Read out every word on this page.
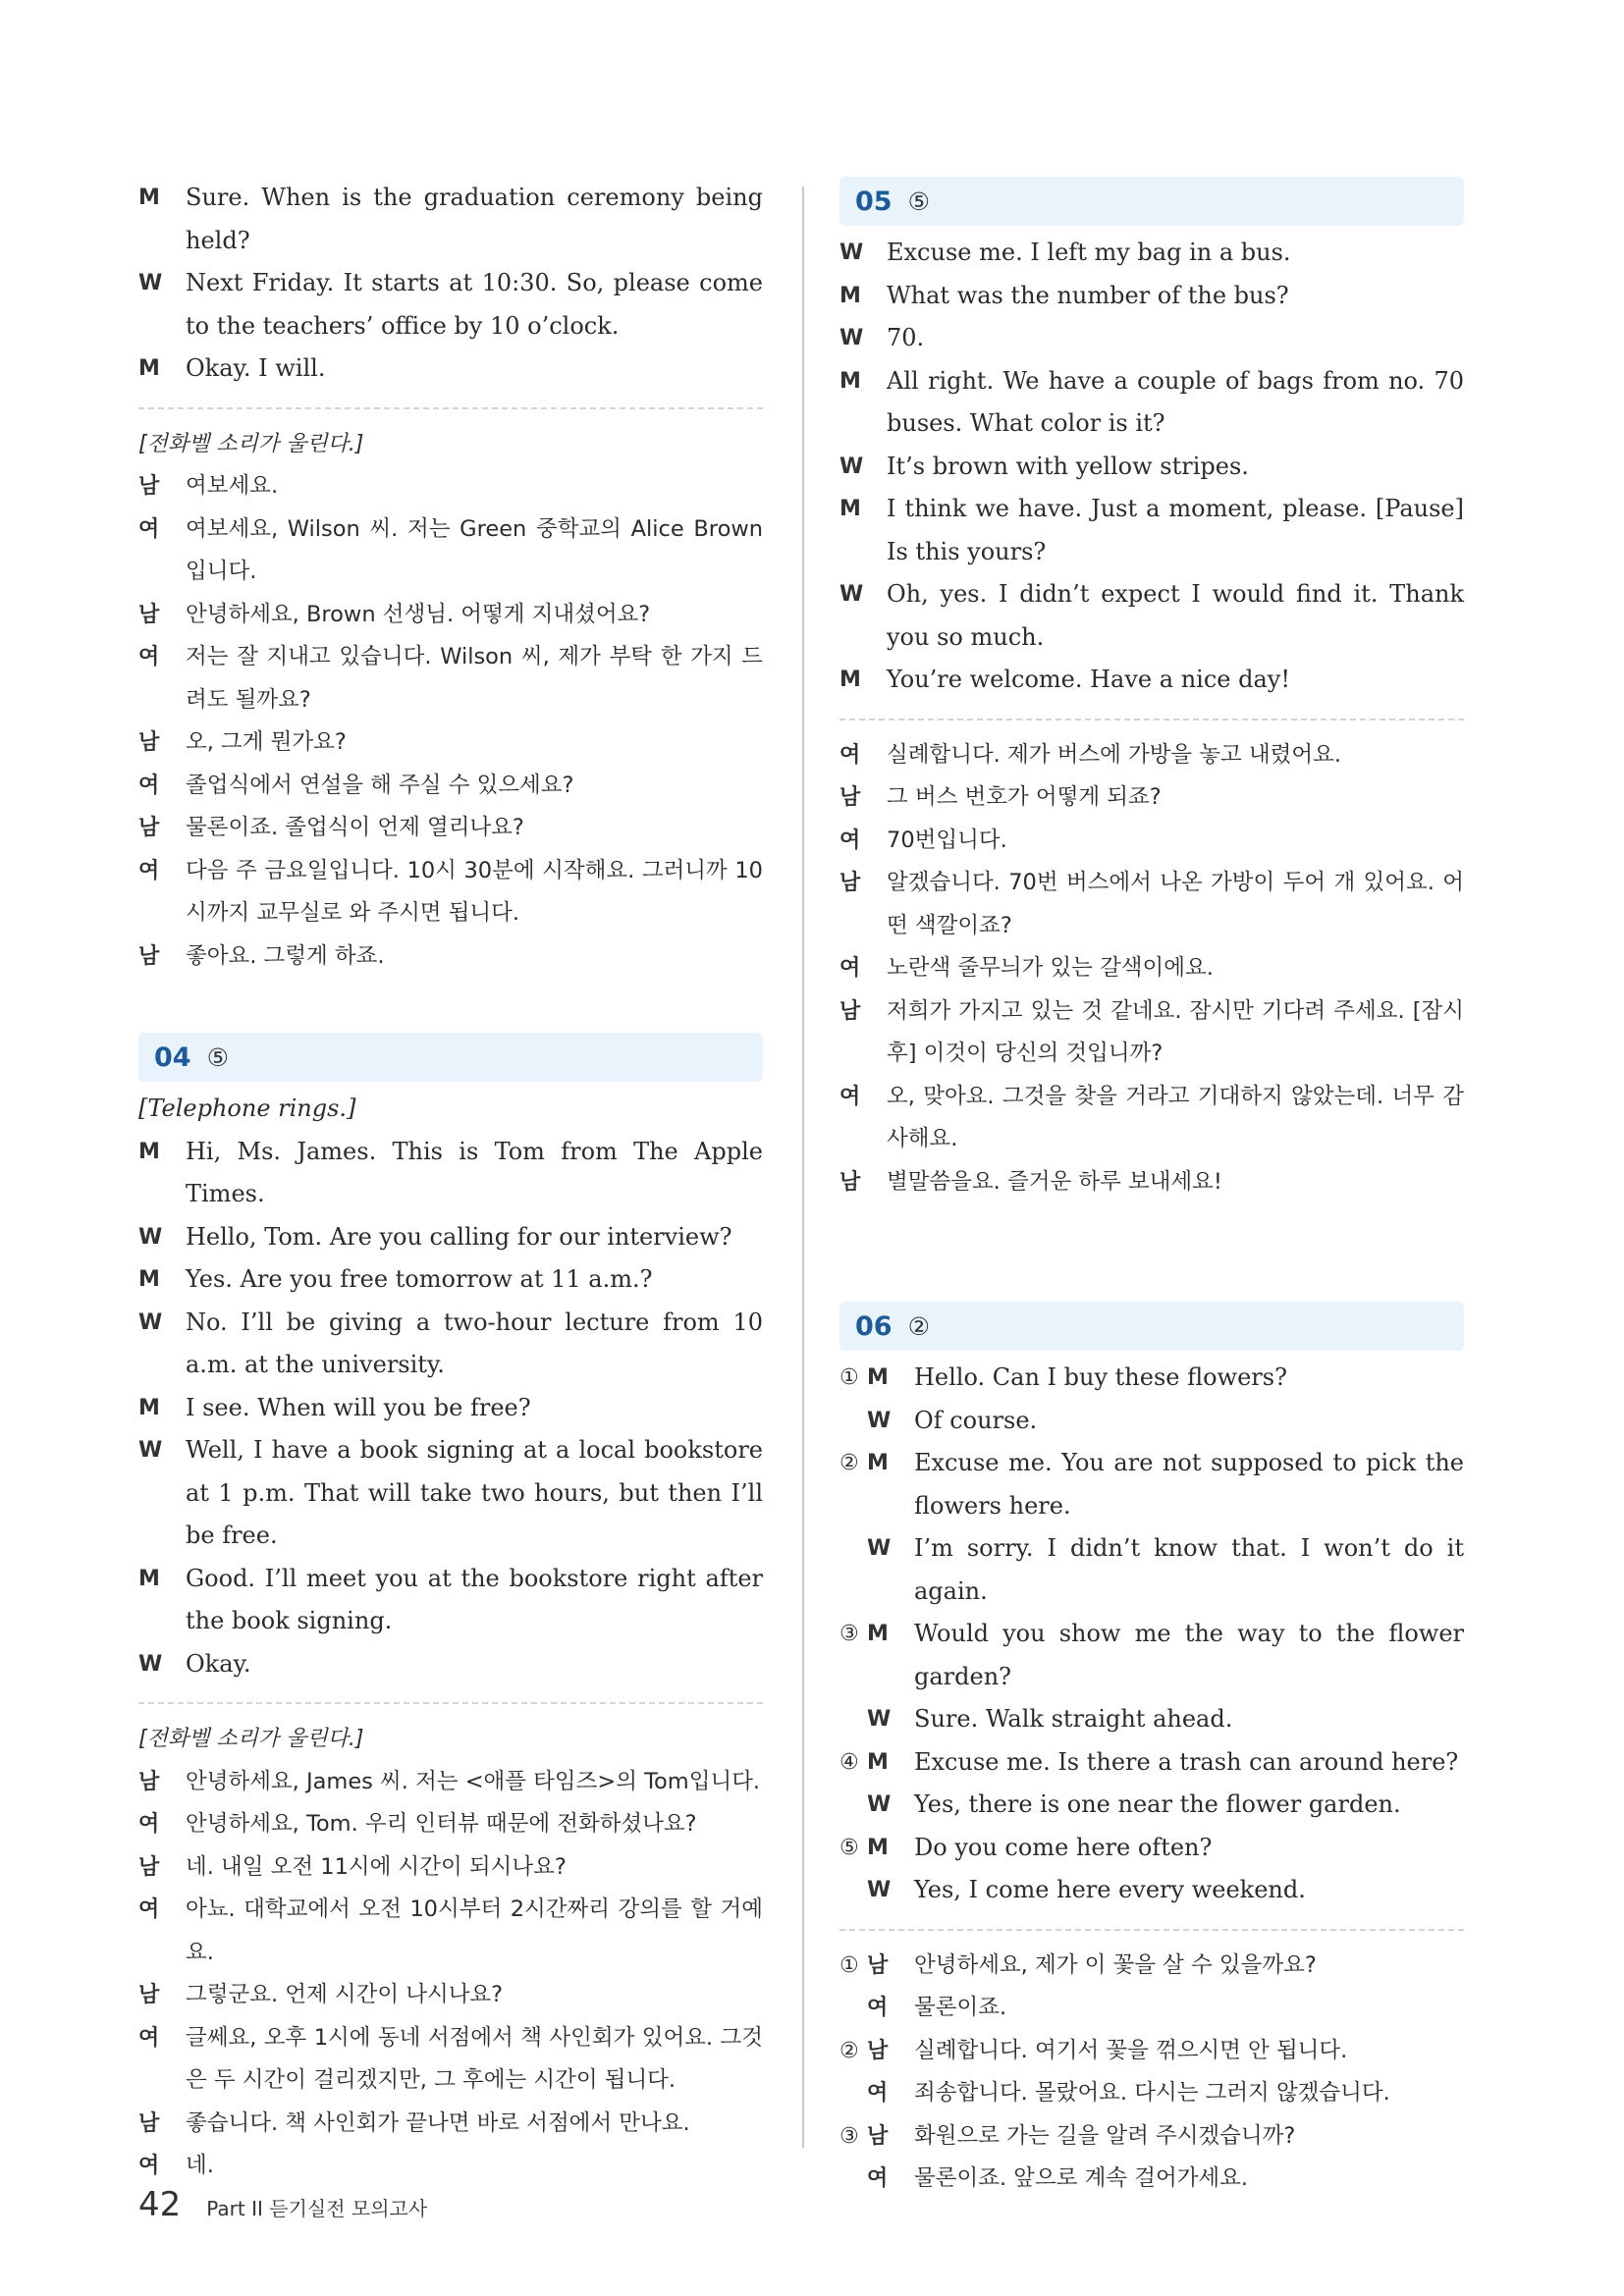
M	Sure. When is the graduation ceremony being held?
W Next Friday. It starts at 10:30. So, please come to the teachers’ office by 10 o’clock.
M	Okay. I will.
[전화벨 소리가 울린다.]
남	여보세요.
여	여보세요, Wilson 씨. 저는 Green 중학교의 Alice Brown입니다.
남	안녕하세요, Brown 선생님. 어떻게 지내셨어요?
여	저는 잘 지내고 있습니다. Wilson 씨, 제가 부탁 한 가지 드려도 될까요?
남	오, 그게 뭔가요?
여	졸업식에서 연설을 해 주실 수 있으세요?
남	물론이죠. 졸업식이 언제 열리나요?
여	다음 주 금요일입니다. 10시 30분에 시작해요. 그러니까 10시까지 교무실로 와 주시면 됩니다.
남	좋아요. 그렇게 하죠.
04 ⑤
[Telephone rings.]
M	Hi, Ms. James. This is Tom from The Apple Times.
W Hello, Tom. Are you calling for our interview?
M	Yes. Are you free tomorrow at 11 a.m.?
W No. I’ll be giving a two-hour lecture from 10 a.m. at the university.
M	I see. When will you be free?
W Well, I have a book signing at a local bookstore at 1 p.m. That will take two hours, but then I’ll be free.
M	Good. I’ll meet you at the bookstore right after the book signing.
W Okay.
[전화벨 소리가 울린다.]
남	안녕하세요, James 씨. 저는 <애플 타임즈>의 Tom입니다.
여	안녕하세요, Tom. 우리 인터뷰 때문에 전화하셨나요?
남	네. 내일 오전 11시에 시간이 되시나요?
여	아뇨. 대학교에서 오전 10시부터 2시간짜리 강의를 할 거예요.
남	그렇군요. 언제 시간이 나시나요?
여	글쎄요, 오후 1시에 동네 서점에서 책 사인회가 있어요. 그것은 두 시간이 걸리겠지만, 그 후에는 시간이 됩니다.
남	좋습니다. 책 사인회가 끝나면 바로 서점에서 만나요.
여	네.
05 ⑤
W Excuse me. I left my bag in a bus.
M	What was the number of the bus?
W 70.
M	All right. We have a couple of bags from no. 70 buses. What color is it?
W It’s brown with yellow stripes.
M	I think we have. Just a moment, please. [Pause] Is this yours?
W Oh, yes. I didn’t expect I would find it. Thank you so much.
M	You’re welcome. Have a nice day!
여	실례합니다. 제가 버스에 가방을 놓고 내렸어요.
남	그 버스 번호가 어떻게 되죠?
여	70번입니다.
남	알겠습니다. 70번 버스에서 나온 가방이 두어 개 있어요. 어떤 색깔이죠?
여	노란색 줄무늬가 있는 갈색이에요.
남	저희가 가지고 있는 것 같네요. 잠시만 기다려 주세요. [잠시 후] 이것이 당신의 것입니까?
여	오, 맞아요. 그것을 찾을 거라고 기대하지 않았는데. 너무 감사해요.
남	별말씀을요. 즐거운 하루 보내세요!
06 ②
① M Hello. Can I buy these flowers?
W Of course.
② M Excuse me. You are not supposed to pick the flowers here.
W I’m sorry. I didn’t know that. I won’t do it again.
③ M Would you show me the way to the flower garden?
W Sure. Walk straight ahead.
④ M Excuse me. Is there a trash can around here?
W Yes, there is one near the flower garden.
⑤ M Do you come here often?
W Yes, I come here every weekend.
① 남 안녕하세요, 제가 이 꽃을 살 수 있을까요?
여 물론이죠.
② 남 실례합니다. 여기서 꽃을 꺾으시면 안 됩니다.
여 죄송합니다. 몰랐어요. 다시는 그러지 않겠습니다.
③ 남 화원으로 가는 길을 알려 주시겠습니까?
여 물론이죠. 앞으로 계속 걸어가세요.
42 Part II 듣기실전 모의고사
